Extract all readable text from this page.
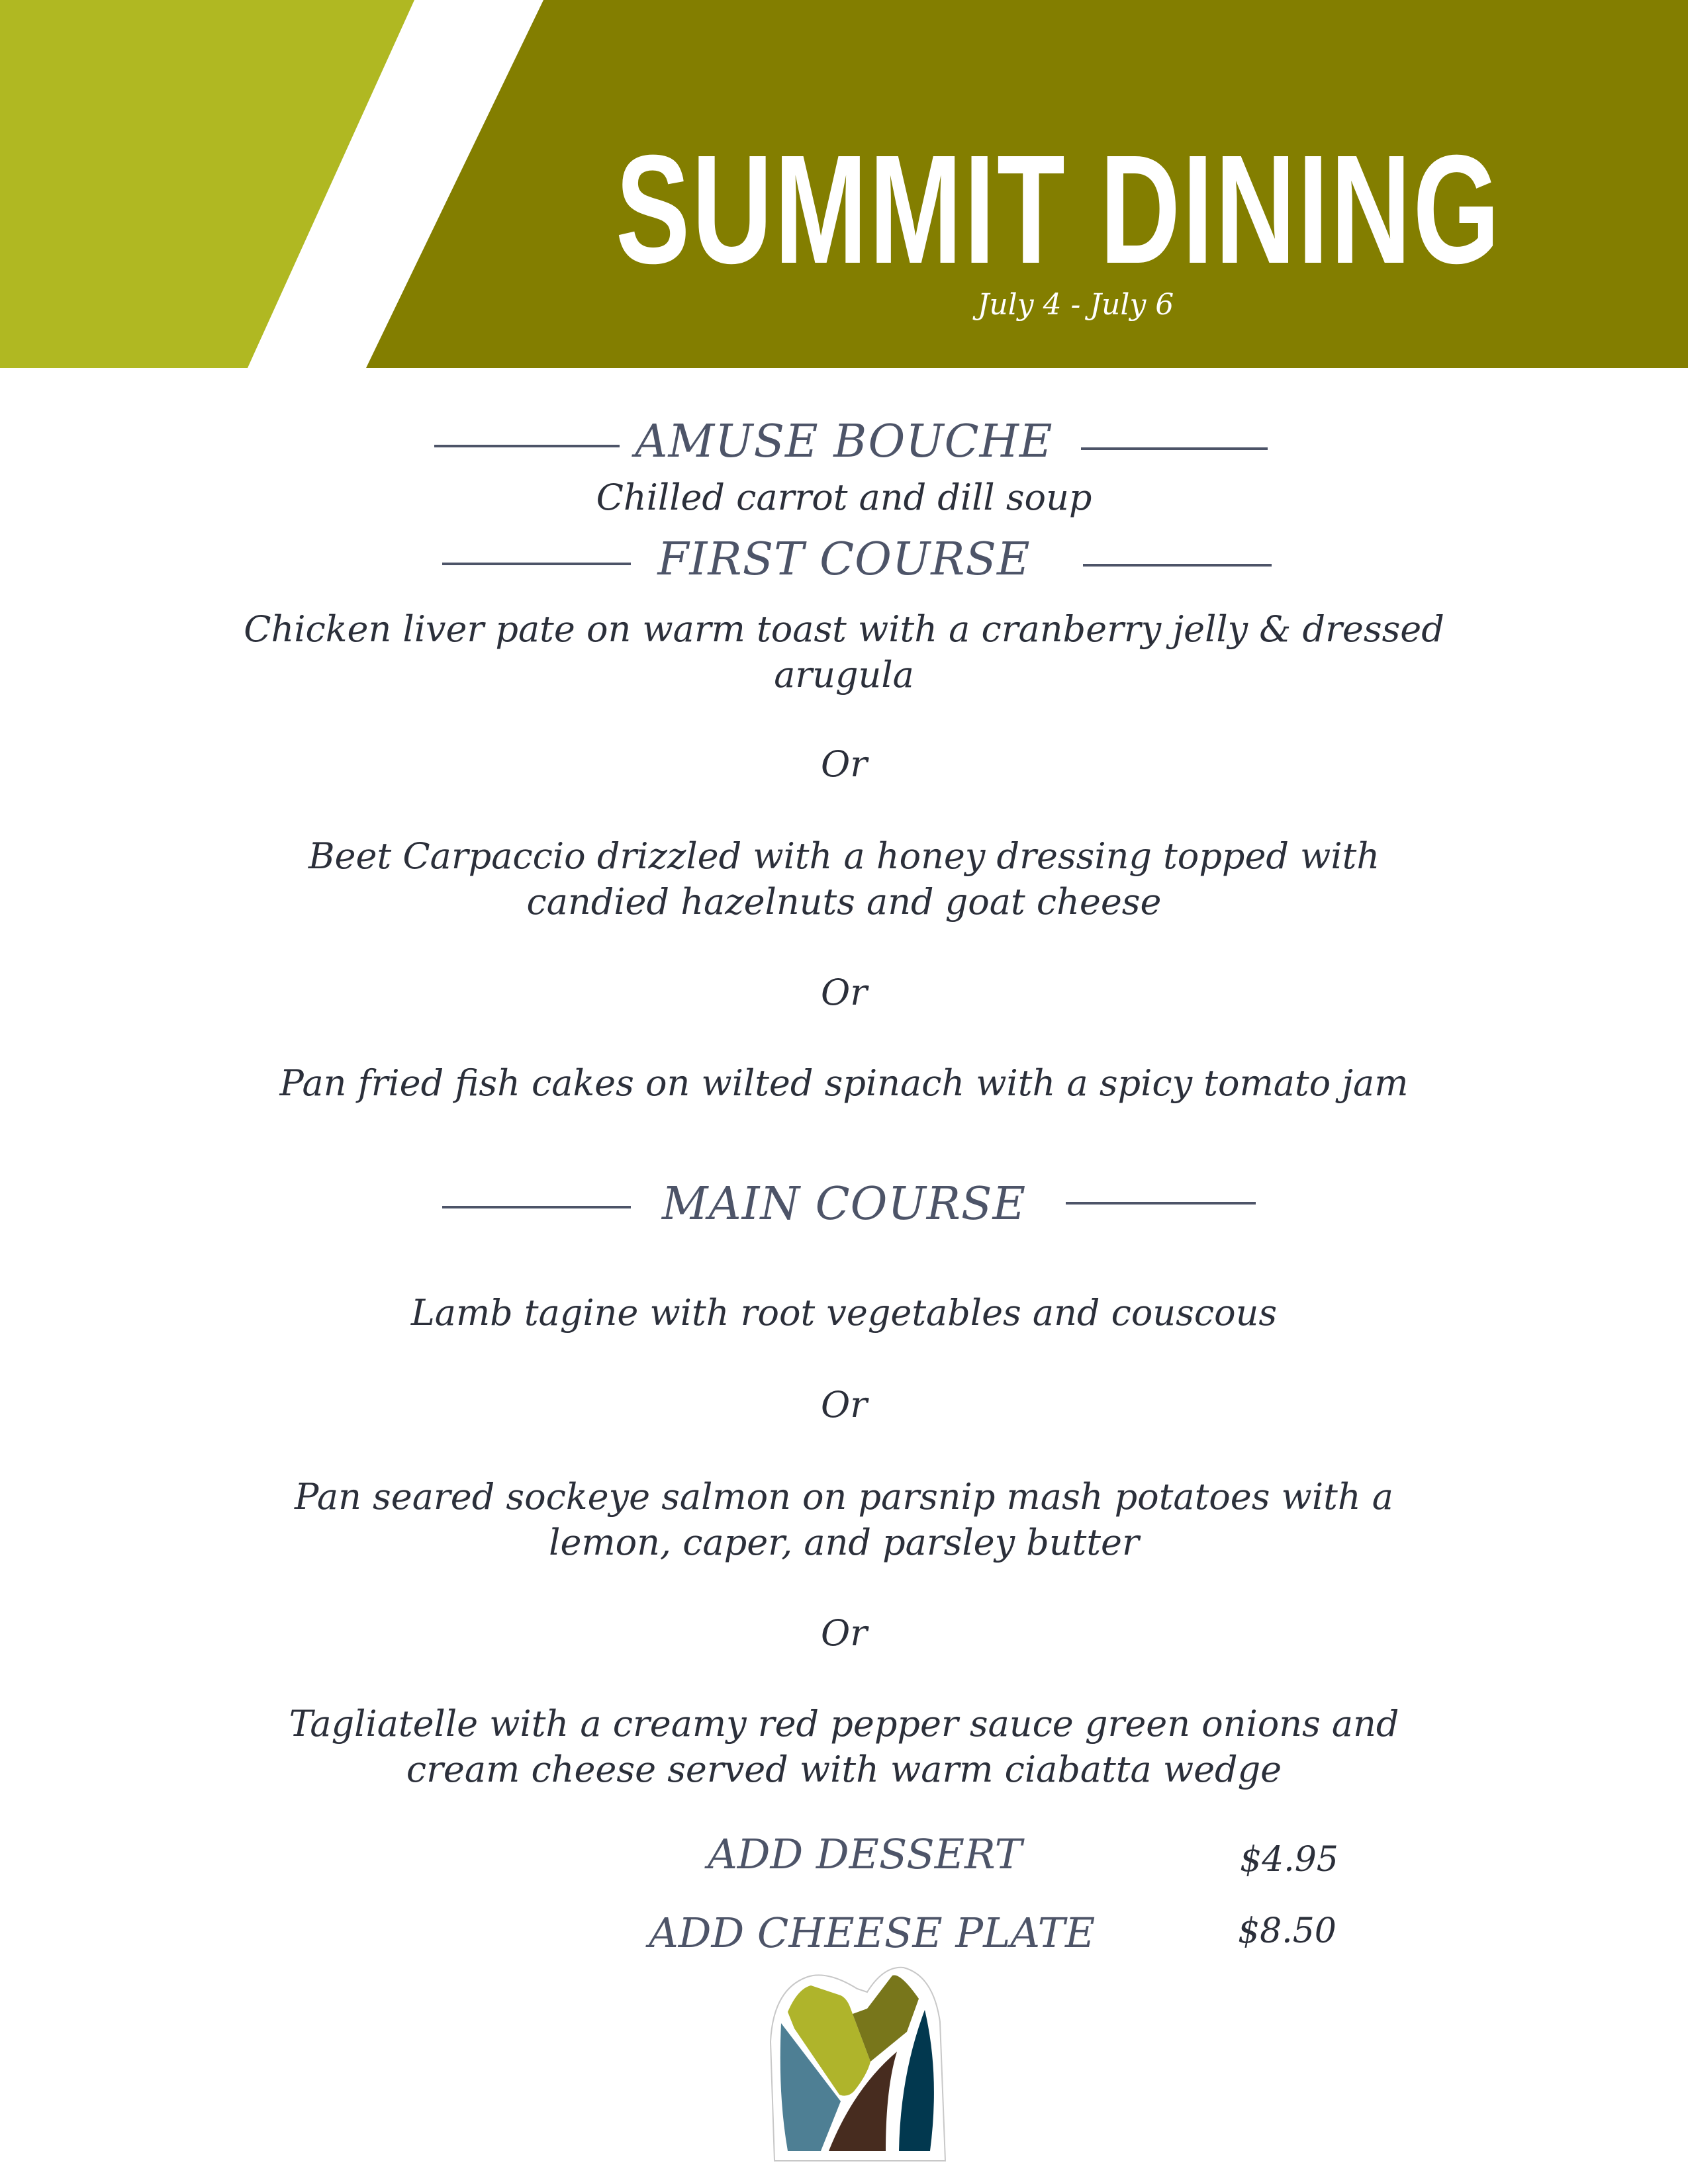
SUMMIT DINING
July 4 - July 6
AMUSE BOUCHE
Chilled carrot and dill soup
FIRST COURSE
Chicken liver pate on warm toast with a cranberry jelly & dressed
arugula
Or
Beet Carpaccio drizzled with a honey dressing topped with
candied hazelnuts and goat cheese
Or
Pan fried fish cakes on wilted spinach with a spicy tomato jam
MAIN COURSE
Lamb tagine with root vegetables and couscous
Or
Pan seared sockeye salmon on parsnip mash potatoes with a
lemon, caper, and parsley butter
Or
Tagliatelle with a creamy red pepper sauce green onions and
cream cheese served with warm ciabatta wedge
ADD DESSERT	$4.95
ADD CHEESE PLATE	$8.50
